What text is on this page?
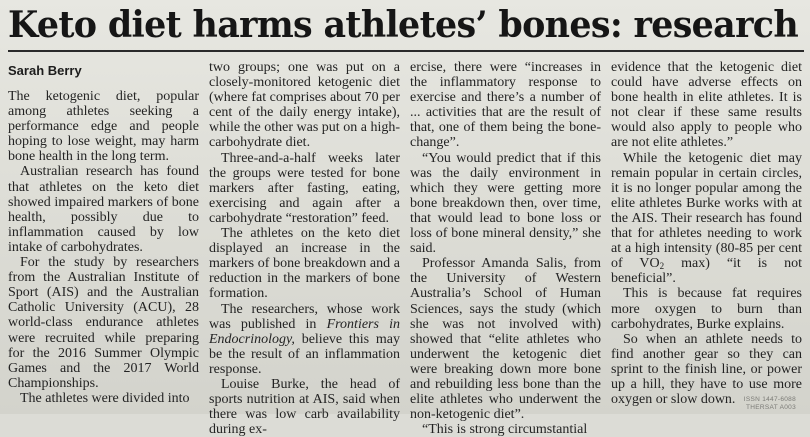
Keto diet harms athletes’ bones: research
Sarah Berry

The ketogenic diet, popular among athletes seeking a performance edge and people hoping to lose weight, may harm bone health in the long term.

Australian research has found that athletes on the keto diet showed impaired markers of bone health, possibly due to inflammation caused by low intake of carbohydrates.

For the study by researchers from the Australian Institute of Sport (AIS) and the Australian Catholic University (ACU), 28 world-class endurance athletes were recruited while preparing for the 2016 Summer Olympic Games and the 2017 World Championships.

The athletes were divided into

two groups; one was put on a closely-monitored ketogenic diet (where fat comprises about 70 per cent of the daily energy intake), while the other was put on a high-carbohydrate diet.

Three-and-a-half weeks later the groups were tested for bone markers after fasting, eating, exercising and again after a carbohydrate “restoration” feed.

The athletes on the keto diet displayed an increase in the markers of bone breakdown and a reduction in the markers of bone formation.

The researchers, whose work was published in Frontiers in Endocrinology, believe this may be the result of an inflammation response.

Louise Burke, the head of sports nutrition at AIS, said when there was low carb availability during ex-

ercise, there were “increases in the inflammatory response to exercise and there’s a number of ... activities that are the result of that, one of them being the bone-change”.

“You would predict that if this was the daily environment in which they were getting more bone breakdown then, over time, that would lead to bone loss or loss of bone mineral density,” she said.

Professor Amanda Salis, from the University of Western Australia’s School of Human Sciences, says the study (which she was not involved with) showed that “elite athletes who underwent the ketogenic diet were breaking down more bone and rebuilding less bone than the elite athletes who underwent the non-ketogenic diet”.

“This is strong circumstantial

evidence that the ketogenic diet could have adverse effects on bone health in elite athletes. It is not clear if these same results would also apply to people who are not elite athletes.”

While the ketogenic diet may remain popular in certain circles, it is no longer popular among the elite athletes Burke works with at the AIS. Their research has found that for athletes needing to work at a high intensity (80-85 per cent of $VO_2$ max) “it is not beneficial”.

This is because fat requires more oxygen to burn than carbohydrates, Burke explains.

So when an athlete needs to find another gear so they can sprint to the finish line, or power up a hill, they have to use more oxygen or slow down.	ISSN 1447-6088
THERSAT A003
